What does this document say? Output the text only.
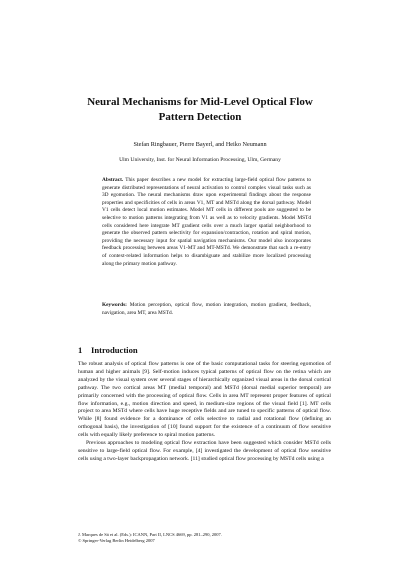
Neural Mechanisms for Mid-Level Optical Flow
Pattern Detection
Stefan Ringbauer, Pierre Bayerl, and Heiko Neumann
Ulm University, Inst. for Neural Information Processing, Ulm, Germany
Abstract. This paper describes a new model for extracting large-field optical flow patterns to generate distributed representations of neural activation to control complex visual tasks such as 3D egomotion. The neural mechanisms draw upon experimental findings about the response properties and specificities of cells in areas V1, MT and MSTd along the dorsal pathway. Model V1 cells detect local motion estimates. Model MT cells in different pools are suggested to be selective to motion patterns integrating from V1 as well as to velocity gradients. Model MSTd cells considered here integrate MT gradient cells over a much larger spatial neighborhood to generate the observed pattern selectivity for expansion/contraction, rotation and spiral motion, providing the necessary input for spatial navigation mechanisms. Our model also incorporates feedback processing between areas V1-MT and MT-MSTd. We demonstrate that such a re-entry of context-related information helps to disambiguate and stabilize more localized processing along the primary motion pathway.
Keywords: Motion perception, optical flow, motion integration, motion gradient, feedback, navigation, area MT, area MSTd.
1 Introduction

The robust analysis of optical flow patterns is one of the basic computational tasks for steering egomotion of human and higher animals [9]. Self-motion induces typical patterns of optical flow on the retina which are analyzed by the visual system over several stages of hierarchically organized visual areas in the dorsal cortical pathway. The two cortical areas MT (medial temporal) and MSTd (dorsal medial superior temporal) are primarily concerned with the processing of optical flow. Cells in area MT represent proper features of optical flow information, e.g., motion direction and speed, in medium-size regions of the visual field [1]. MT cells project to area MSTd where cells have huge receptive fields and are tuned to specific patterns of optical flow. While [8] found evidence for a dominance of cells selective to radial and rotational flow (defining an orthogonal basis), the investigation of [10] found support for the existence of a continuum of flow sensitive cells with equally likely preference to spiral motion patterns.

Previous approaches to modeling optical flow extraction have been suggested which consider MSTd cells sensitive to large-field optical flow. For example, [4] investigated the development of optical flow sensitive cells using a two-layer backpropagation network. [11] studied optical flow processing by MSTd cells using a

J. Marques de Sá et al. (Eds.): ICANN, Part II, LNCS 4669, pp. 281–290, 2007.
© Springer-Verlag Berlin Heidelberg 2007
